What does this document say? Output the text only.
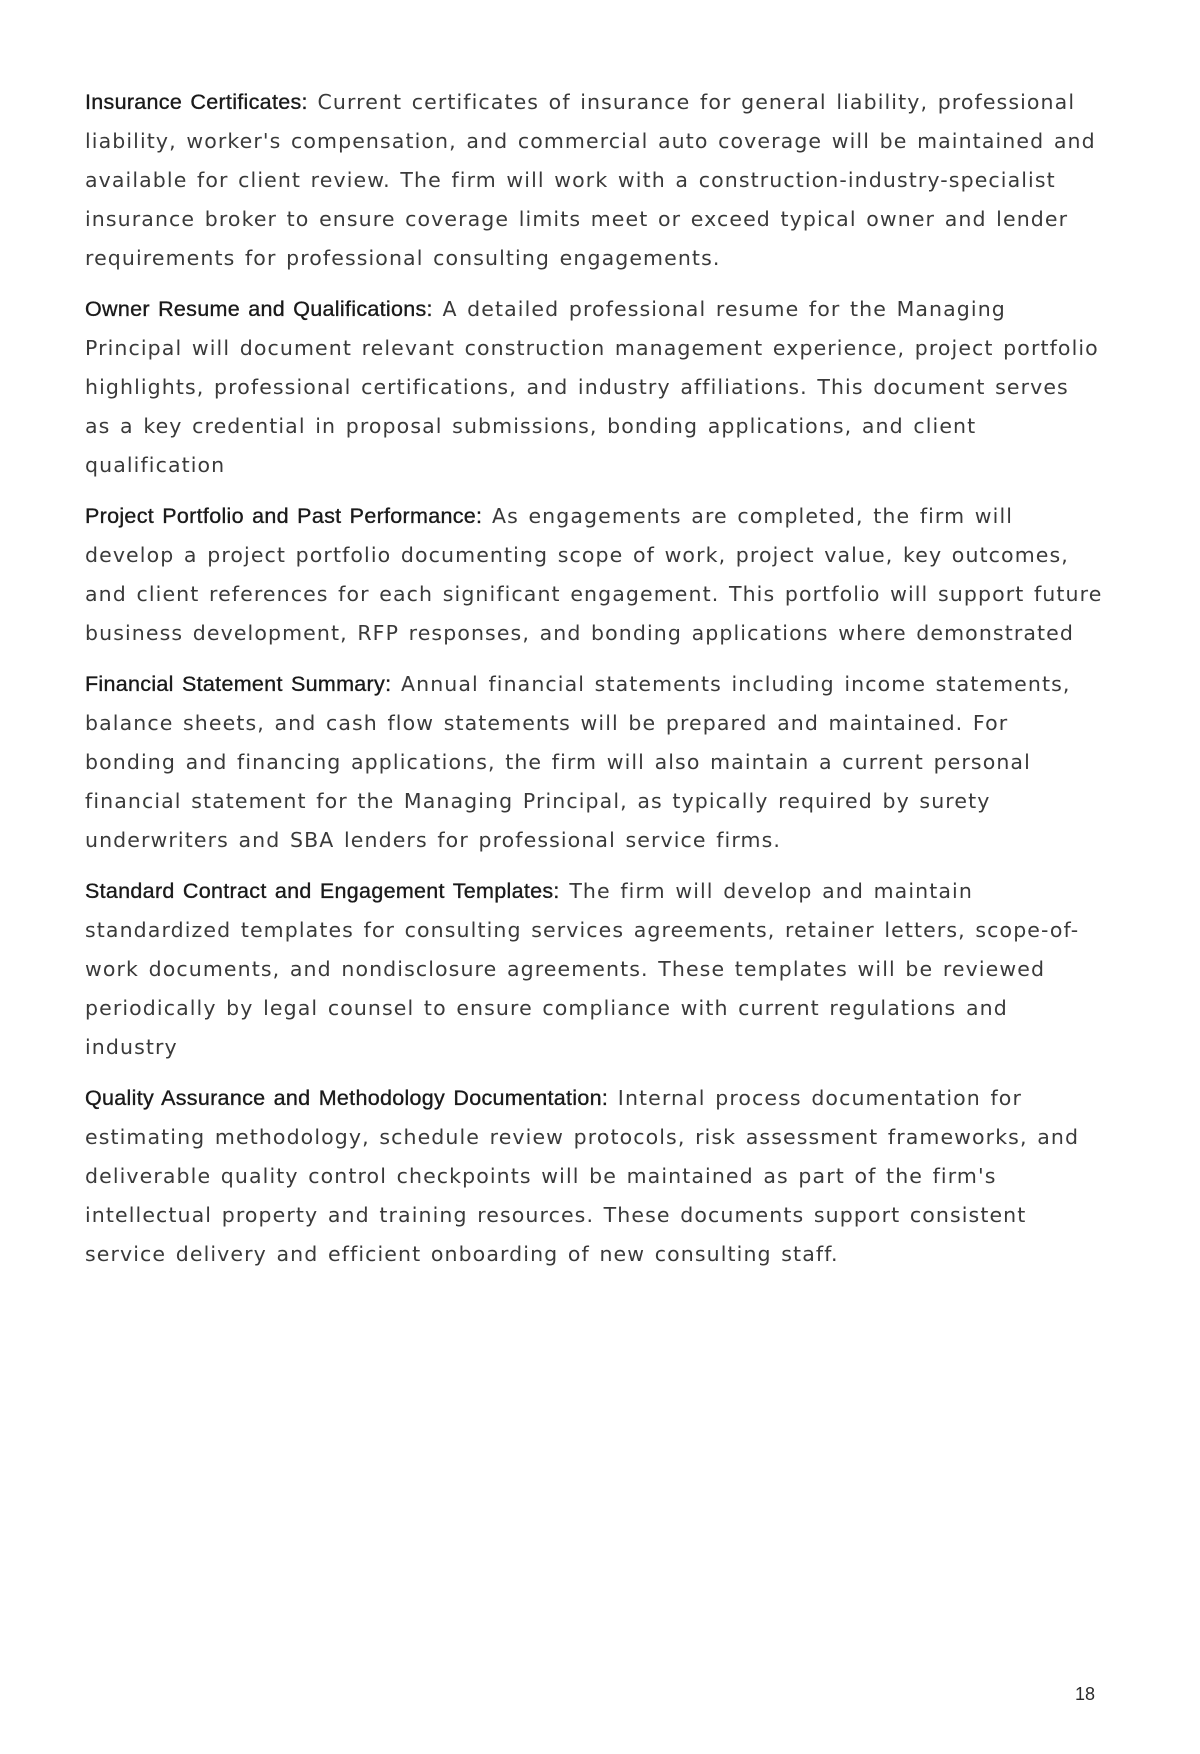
Insurance Certificates: Current certificates of insurance for general liability, professional liability, worker's compensation, and commercial auto coverage will be maintained and available for client review. The firm will work with a construction-industry-specialist insurance broker to ensure coverage limits meet or exceed typical owner and lender requirements for professional consulting engagements.

Owner Resume and Qualifications: A detailed professional resume for the Managing Principal will document relevant construction management experience, project portfolio highlights, professional certifications, and industry affiliations. This document serves as a key credential in proposal submissions, bonding applications, and client qualification

Project Portfolio and Past Performance: As engagements are completed, the firm will develop a project portfolio documenting scope of work, project value, key outcomes, and client references for each significant engagement. This portfolio will support future business development, RFP responses, and bonding applications where demonstrated

Financial Statement Summary: Annual financial statements including income statements, balance sheets, and cash flow statements will be prepared and maintained. For bonding and financing applications, the firm will also maintain a current personal financial statement for the Managing Principal, as typically required by surety underwriters and SBA lenders for professional service firms.

Standard Contract and Engagement Templates: The firm will develop and maintain standardized templates for consulting services agreements, retainer letters, scope-of-work documents, and nondisclosure agreements. These templates will be reviewed periodically by legal counsel to ensure compliance with current regulations and industry

Quality Assurance and Methodology Documentation: Internal process documentation for estimating methodology, schedule review protocols, risk assessment frameworks, and deliverable quality control checkpoints will be maintained as part of the firm's intellectual property and training resources. These documents support consistent service delivery and efficient onboarding of new consulting staff.

18
